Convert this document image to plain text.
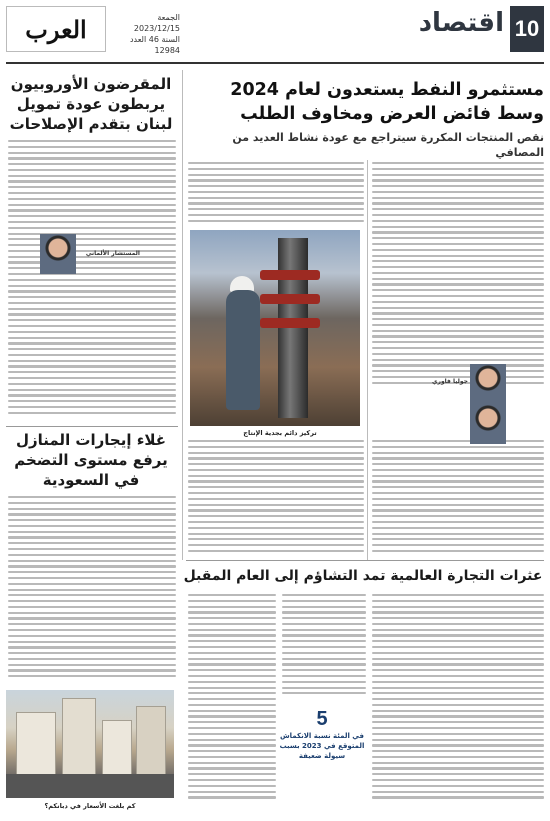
10
اقتصاد
العرب	الجمعة 2023/12/15
السنة 46 العدد 12984
مستثمرو النفط يستعدون لعام 2024
وسط فائض العرض ومخاوف الطلب
نقص المنتجات المكررة سيتراجع مع عودة نشاط العديد من المصافي
المقرضون الأوروبيون يربطون عودة تمويل لبنان بتقدم الإصلاحات
جوليا فاوري
المستشار الألماني
تركيز دائم بجدية الإنتاج
غلاء إيجارات المنازل يرفع مستوى التضخم في السعودية
عثرات التجارة العالمية تمد التشاؤم إلى العام المقبل
5
في المئة نسبة الانكماش المتوقع في 2023 بسبب سيولة ضعيفة
كم بلغت الأسعار في دبانكم؟
